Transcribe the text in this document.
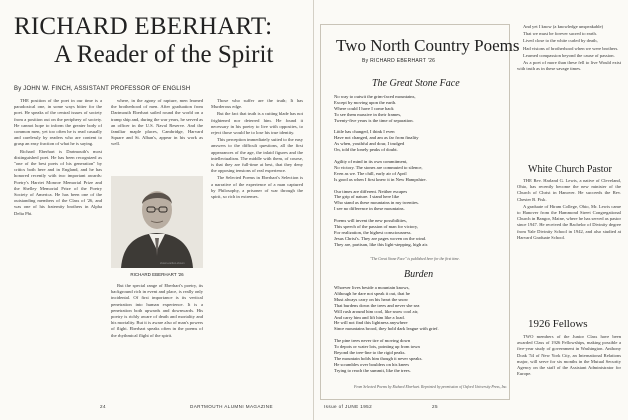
RICHARD EBERHART:
A Reader of the Spirit
By JOHN W. FINCH, ASSISTANT PROFESSOR OF ENGLISH

THE position of the poet in our time is a paradoxical one, in some ways bitter for the poet. He speaks of the central issues of society from a position out on the periphery of society. He cannot hope to inform the greater body of common men, yet too often he is read casually and carelessly by readers who are content to grasp an easy fraction of what he is saying.

Richard Eberhart is Dartmouth's most distinguished poet. He has been recognized as "one of the best poets of his generation" by critics both here and in England, and he has honored recently with two important awards: Poetry's Harriet Monroe Memorial Prize and the Shelley Memorial Prize of the Poetry Society of America. He has been one of the outstanding members of the Class of '26, and was one of his fraternity brothers in Alpha Delta Phi.

where, in the agony of rapture, men learned the brotherhood of men. After graduation from Dartmouth Eberhart sailed round the world on a tramp ship and, during the war years, he served as an officer in the U.S. Naval Reserve. And the familiar maple places, Cambridge, Harvard Square and St. Alban's, appear in his work as well.

shown-carlton-shown
RICHARD EBERHART '26

But the special range of Eberhart's poetry, its background rich in event and place, is really only incidental. Of first importance is its vertical penetration into human experience. It is a penetration both upwards and downwards. His poetry is richly aware of death and mortality and his mortality. But it is aware also of man's powers of flight. Eberhart speaks often in the poems of the rhythmical flight of the spirit.

Those who suffer are the truth; It has Murderous edge.

But the fact that truth is a cutting blade has not frightened nor deterred him. He found it necessary in his poetry to live with opposites, to reject those would be to lose his true identity.

This perception immediately suited to the easy answers to the difficult questions, all the first appearances of the age, the inlaid figures and the intellectualism. The middle with them, of course, is that they are full-time at best, that they deny the opposing tensions of real experience.

The Selected Poems in Eberhart's Selection is a narrative of the experience of a man captured by Philosophy, a prisoner of war through the spirit, so rich in extremes.

24	DARTMOUTH ALUMNI MAGAZINE
Two North Country Poems
By RICHARD EBERHART '26
The Great Stone Face
No way to outwit the grim-faced mountains,
Except by moving upon the earth.
Where could I have I come back
To see them massive in their frames,
Twenty-five years is the time of separation.

Little has changed, I think I even
Have not changed, and am as far from finality
As when, youthful and dour, I trudged
On, told the lonely peaks of doubt.

Agility of mind in its own commitment,
No victory. The stones are commuted to silence,
Even as we. The chill, early air of April
Is good as when I first knew it in New Hampshire.

Our times are different. Neither escapes
The grip of nature. I stand here like
Who stand as these mountains in my twenties.
I see no difference in these mountains.

Poems will invent the new possibilities,
This speech of the passion of man for victory,
For realization, the highest consciousness.
Jesus Christ's. They are pages woven on the wind.
They are, partisan, like this light-stepping, high air.
"The Great Stone Face" is published here for the first time.
Burden
Whoever lives beside a mountain knows,
Although he dare not speak it out, that he
Must always carry on his heart the snow
That burdens down the trees and never she sea
Will rush around him cool, like snow cool air,
And carry him and lift him like a load.
He will not find this lightness anywhere
Since mountains brood, they hold dark league with grief.

The pine trees never tire of moving down
To depots or water lots, pointing up from town
Beyond the tree-line to the rigid peaks.
The mountain holds him though it never speaks.
He scrambles over boulders on his knees
Trying to reach the summit, like the trees.
From Selected Poems by Richard Eberhart. Reprinted by permission of Oxford University Press, Inc.

And yet I know (a knowledge unspeakable)

That we must be forever sacred to earth.

Lived close to the white curled by death,

Had visions of brotherhood when we were brothers.

Learned compassion beyond the cause of passion.

As a poet of more than these fell to live Would exist with truth as in these savage times.

White Church Pastor

THE Rev. Harland G. Lewis, a native of Cleveland, Ohio, has recently become the new minister of the Church of Christ in Hanover. He succeeds the Rev. Chester B. Fisk.

A graduate of Hiram College, Ohio, Mr. Lewis came to Hanover from the Hammond Street Congregational Church in Bangor, Maine, where he has served as pastor since 1947. He received the Bachelor of Divinity degree from Yale Divinity School in 1942, and also studied at Harvard Graduate School.

1926 Fellows

TWO members of the Junior Class have been awarded Class of 1926 Fellowships, making possible a five-year study of government in Washington. Anthony Doak '54 of New York City, an International Relations major, will serve for six months in the Mutual Security Agency on the staff of the Assistant Administrator for Europe.

Issue of JUNE 1952	25
